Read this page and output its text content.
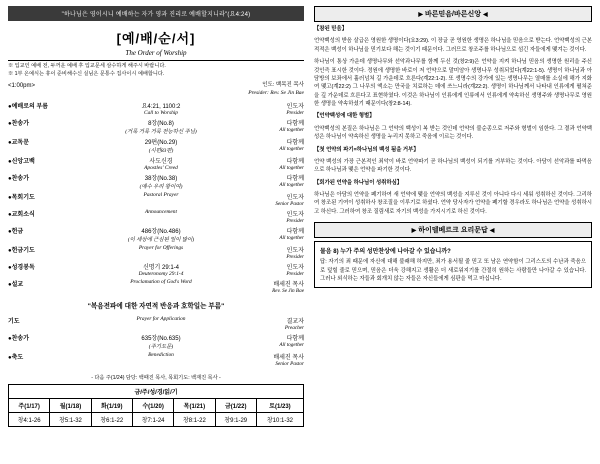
"하나님은 영이시니 예배하는 자가 영과 진리로 예배할지니라"(요4:24)
[예/배/순/서]
The Order of Worship
※ 입교인 예배 전, 두꺼운 예배 후 입교문세 삼수하게 해주시 바랍니다.
※ 1부 온예식는 휴이 준비해수신 실님은 문통수 집사이시 예배합니다.
<1:00pm>	인도: 백목진 목사
Presider: Rev. Se Jin Bae
●예배로의 부름	요4:21, 1100:2
Call to Worship	인도자
Presider

●찬송가	8장(No.8)
(거룩 거룩 거룩 전능하신 주님)	다함께
All together

●교독문	29편(No.29)
(시편83편)	다함께
All together

●신앙고백	사도신경
Apostles' Creed	다함께
All together

●찬송가	38장(No.38)
(예수 우리 왕이여)	다함께
All together

●목회기도	Pastoral Prayer	인도자
Senior Pastor

●교회소식	Announcement	인도자
Presider

●헌금	486장(No.486)
(이 세상에 근심된 일이 많이)	다함께
All together

●헌금기도	Prayer for Offerings	인도자
Presider

●성경봉독	신명기 29:1-4
Deuteronomy 29:1-4	인도자
Presider

●설교	Proclamation of God's Word	배세진 목사
Rev. Se Jin Bae
"복음전파에 대한 자연적 반응과 호학일는 부름"
기도	Prayer for Application	결교자
Preacher

●찬송가	635장(No.635)
(주기도문)	다함께
All together

●축도	Benediction	배세진 목사
Senior Pastor
- 다음 주(1/24) 담당: 백때진 목사, 목회기도: 백재진 목사 -
금/주/성/경/읽/기						
주(1/17)	월(1/18)	화(1/19)	수(1/20)	목(1/21)	금(1/22)	토(1/23)
창4:1-26	창5:1-32	창6:1-22	창7:1-24	창8:1-22	창9:1-29	창10:1-32
▶ 바른믿음/바른신앙 ◀

【참된 믿음】

언약백성의 받음 살급은 영원한 생명이다(요3:29). 이 장글 곧 영원한 생명은 하나님을 믿음으로 받는다. 언약백성의 근본적적은 백성이 하나님을 믿기보다 해는 것이기 때문이다. 그러므로 창조주를 하나님으로 섬긴 자들에게 맺겨는 것이다.

하나님이 통상 가운데 생명나무와 선악과나무를 함께 두신 것(창2:9)은 언약을 지켜 하나님 믿음의 생명한 원리을 주신 것인즉 표시한 것이다. 정원에 생명한 바로이 저 언약으로 말미암아 생명나무 성취되었다(계22:1-5). 생명이 하나님과 아담방의 보좌에서 흘러넘쳐 길 가운데로 흐른다(계22:1-2). 또 생명수의 강가에 있는 생명나무는 열매를 소실에 해가 지화여 맺고(계22:2) 그 나무의 액소는 만국을 치료하는 데에 쓰느니라(계22:2). 생명이 하나님께서 나타내 인류에게 펼쳐준을 깊 가운데로 흐른다고 표현하였다. 이것은 하나님이 인류에게 인류에서 인류에게 약속하신 생명주와 생명나무로 영원한 생명을 약속하셨기 때문이다(창2:8-14).

【언약백성에 대한 형벌】

언약백성의 본질은 하나님은 그 언약의 백성이 복 받는 것인데 언약의 불순종으로 저주와 형벌이 임한다. 그 결과 언약백성은 하나님이 약속하신 생명을 누리지 못하고 죽음에 이르는 것이다.

【첫 언약의 파기=하나님의 백성 됨을 거부】

언약 백성의 가장 근본적인 죄악이 바로 언약파기 곧 하나님의 백성이 되기를 거부하는 것이다. 아담이 선악과를 따먹음으로 하나님과 맺은 언약을 파기한 것이다.

【회가된 언약을 하나님이 성취하심】

하나님은 아담의 언약을 폐기하여 새 언약에 맺을 언약의 백성을 지루신 것이 아니다 다시 세워 성취하신 것이다. 그리하여 창조된 기여이 성취하사 창조질을 이루기로 하셨다. 언약 당사자가 언약을 폐기할 경우라도 하나님은 언약을 성취하시고 하신다. 그러하여 창조 질림새로 자기의 백성을 가지시기로 하신 것이다.

▶ 하이델베르크 요리문답 ◀
물음 8) 누가 주의 성만찬상에 나아갈 수 있습니까?
답: 자기의 죄 때문에 자신에 대해 불쾌해 하지만, 죄가 용서될 줄 믿고 또 남은 연약함이 그리스도의 수난과 죽음으로 덮힐 줄로 믿으며, 믿음은 더욱 강해지고 생활은 더 새로워지기를 간절히 원하는 사람들만 나아갈 수 있습니다. 그러나 외식하는 자들과 회개치 않는 자들은 자신들에게 심판을 먹고 마십니다.
